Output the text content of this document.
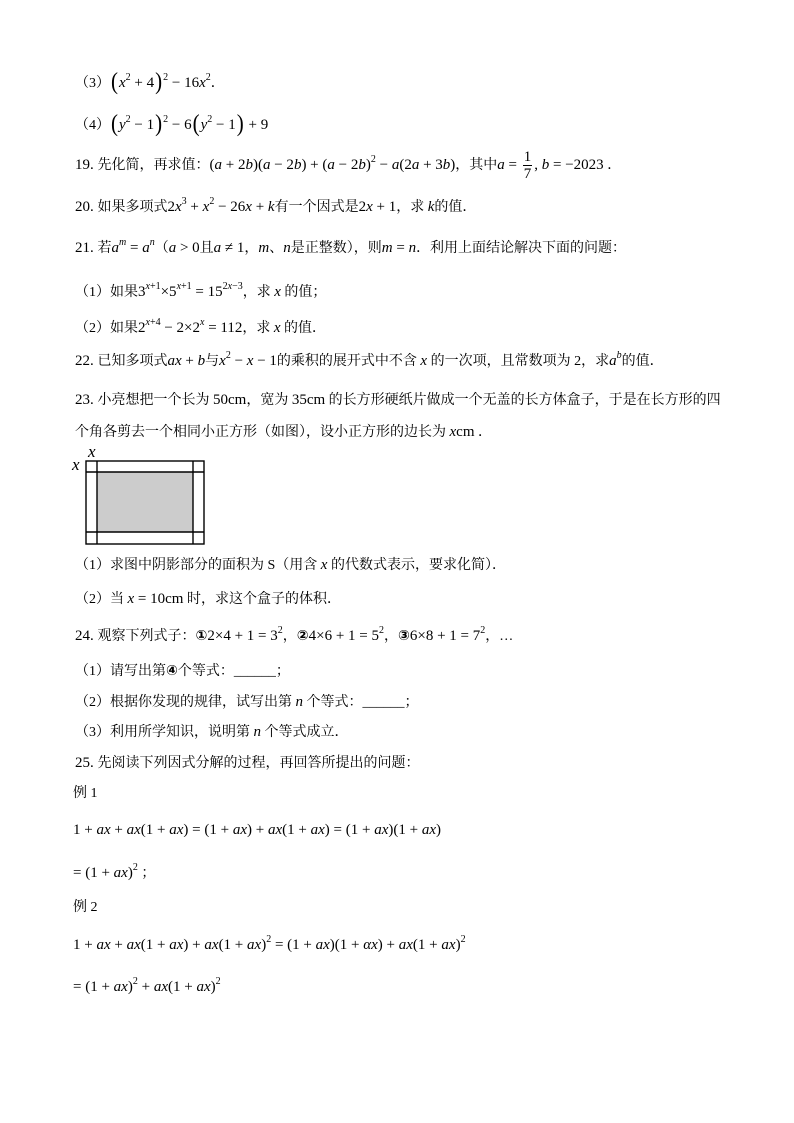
$(3)(x^2 + 4)^2 - 16x^2$．
$(4)(y^2 - 1)^2 - 6(y^2 - 1) + 9$
19. 先化简，再求值：$(a + 2b)(a - 2b) + (a - 2b)^2 - a(2a + 3b)$，其中$a = \frac{1}{7}$ , b = −2023 ．
20. 如果多项式$2x^3 + x^2 - 26x + k$有一个因式是2x + 1，求 k的值．
21. 若$a^m = a^n(a > 0$且a ≠ 1，m、n是正整数），则m = n．利用上面结论解决下面的问题：
（1）如果$3^{x+1}\times 5^{x+1} = 15^{2x-3}$，求 x 的值；
（2）如果$2^{x+4} - 2\times 2^x = 112$，求 x 的值．
22. 已知多项式ax + b与$x^2 - x - 1$的乘积的展开式中不含 x 的一次项，且常数项为 2，求$a^b$的值．
23. 小亮想把一个长为 50cm，宽为 35cm 的长方形硬纸片做成一个无盖的长方体盒子，于是在长方形的四
个角各剪去一个相同小正方形（如图），设小正方形的边长为 xcm ．
x
x
（1）求图中阴影部分的面积为 S（用含 x 的代数式表示，要求化简）．
（2）当 x = 10cm 时，求这个盒子的体积．
24. 观察下列式子：①2×4 + $1 = 3^2$，②4×6 + $1 = 5^2$，③6×8 + $1 = 7^2$，…
（1）请写出第④个等式：______；
（2）根据你发现的规律，试写出第 n 个等式：______；
（3）利用所学知识，说明第 n 个等式成立．
25. 先阅读下列因式分解的过程，再回答所提出的问题：
例 1
1 + ax + ax(1 + ax) = (1 + ax) + ax(1 + ax) = (1 + ax)(1 + ax)
= (1 + ax)$^2$ ；
例 2
1 + ax + ax(1 + ax) + ax(1 + ax)$^2$ = (1 + ax)(1 + αx) + ax(1 + ax)$^2$
= (1 + ax)$^2$ + ax(1 + ax)$^2$
